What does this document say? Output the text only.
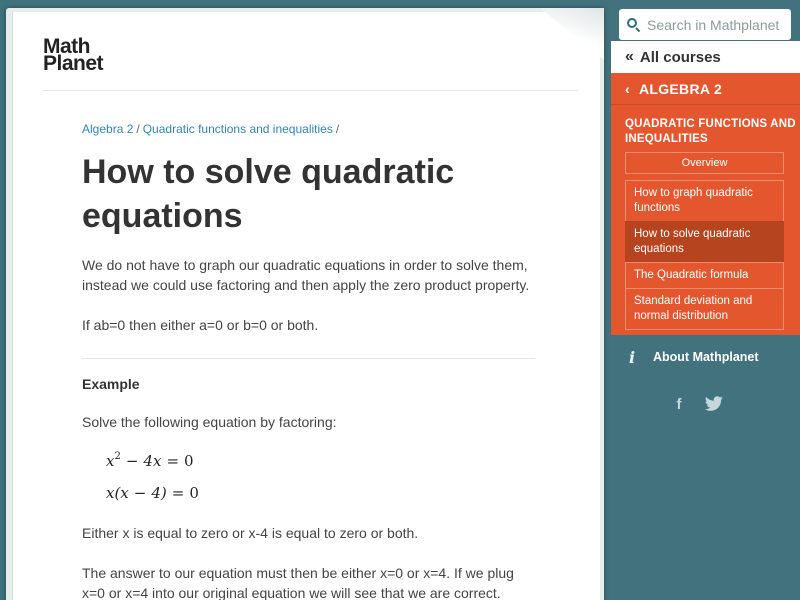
Math
Planet
Algebra 2 / Quadratic functions and inequalities /
How to solve quadratic equations

We do not have to graph our quadratic equations in order to solve them, instead we could use factoring and then apply the zero product property.

If ab=0 then either a=0 or b=0 or both.

Example

Solve the following equation by factoring:

$x^2 - 4x = 0$
x(x − 4) = 0

Either x is equal to zero or x-4 is equal to zero or both.

The answer to our equation must then be either x=0 or x=4. If we plug x=0 or x=4 into our original equation we will see that we are correct.

Search in Mathplanet
« All courses
‹ ALGEBRA 2
QUADRATIC FUNCTIONS AND INEQUALITIES
Overview
How to graph quadratic functions
How to solve quadratic equations
The Quadratic formula
Standard deviation and normal distribution
i	About Mathplanet
f
